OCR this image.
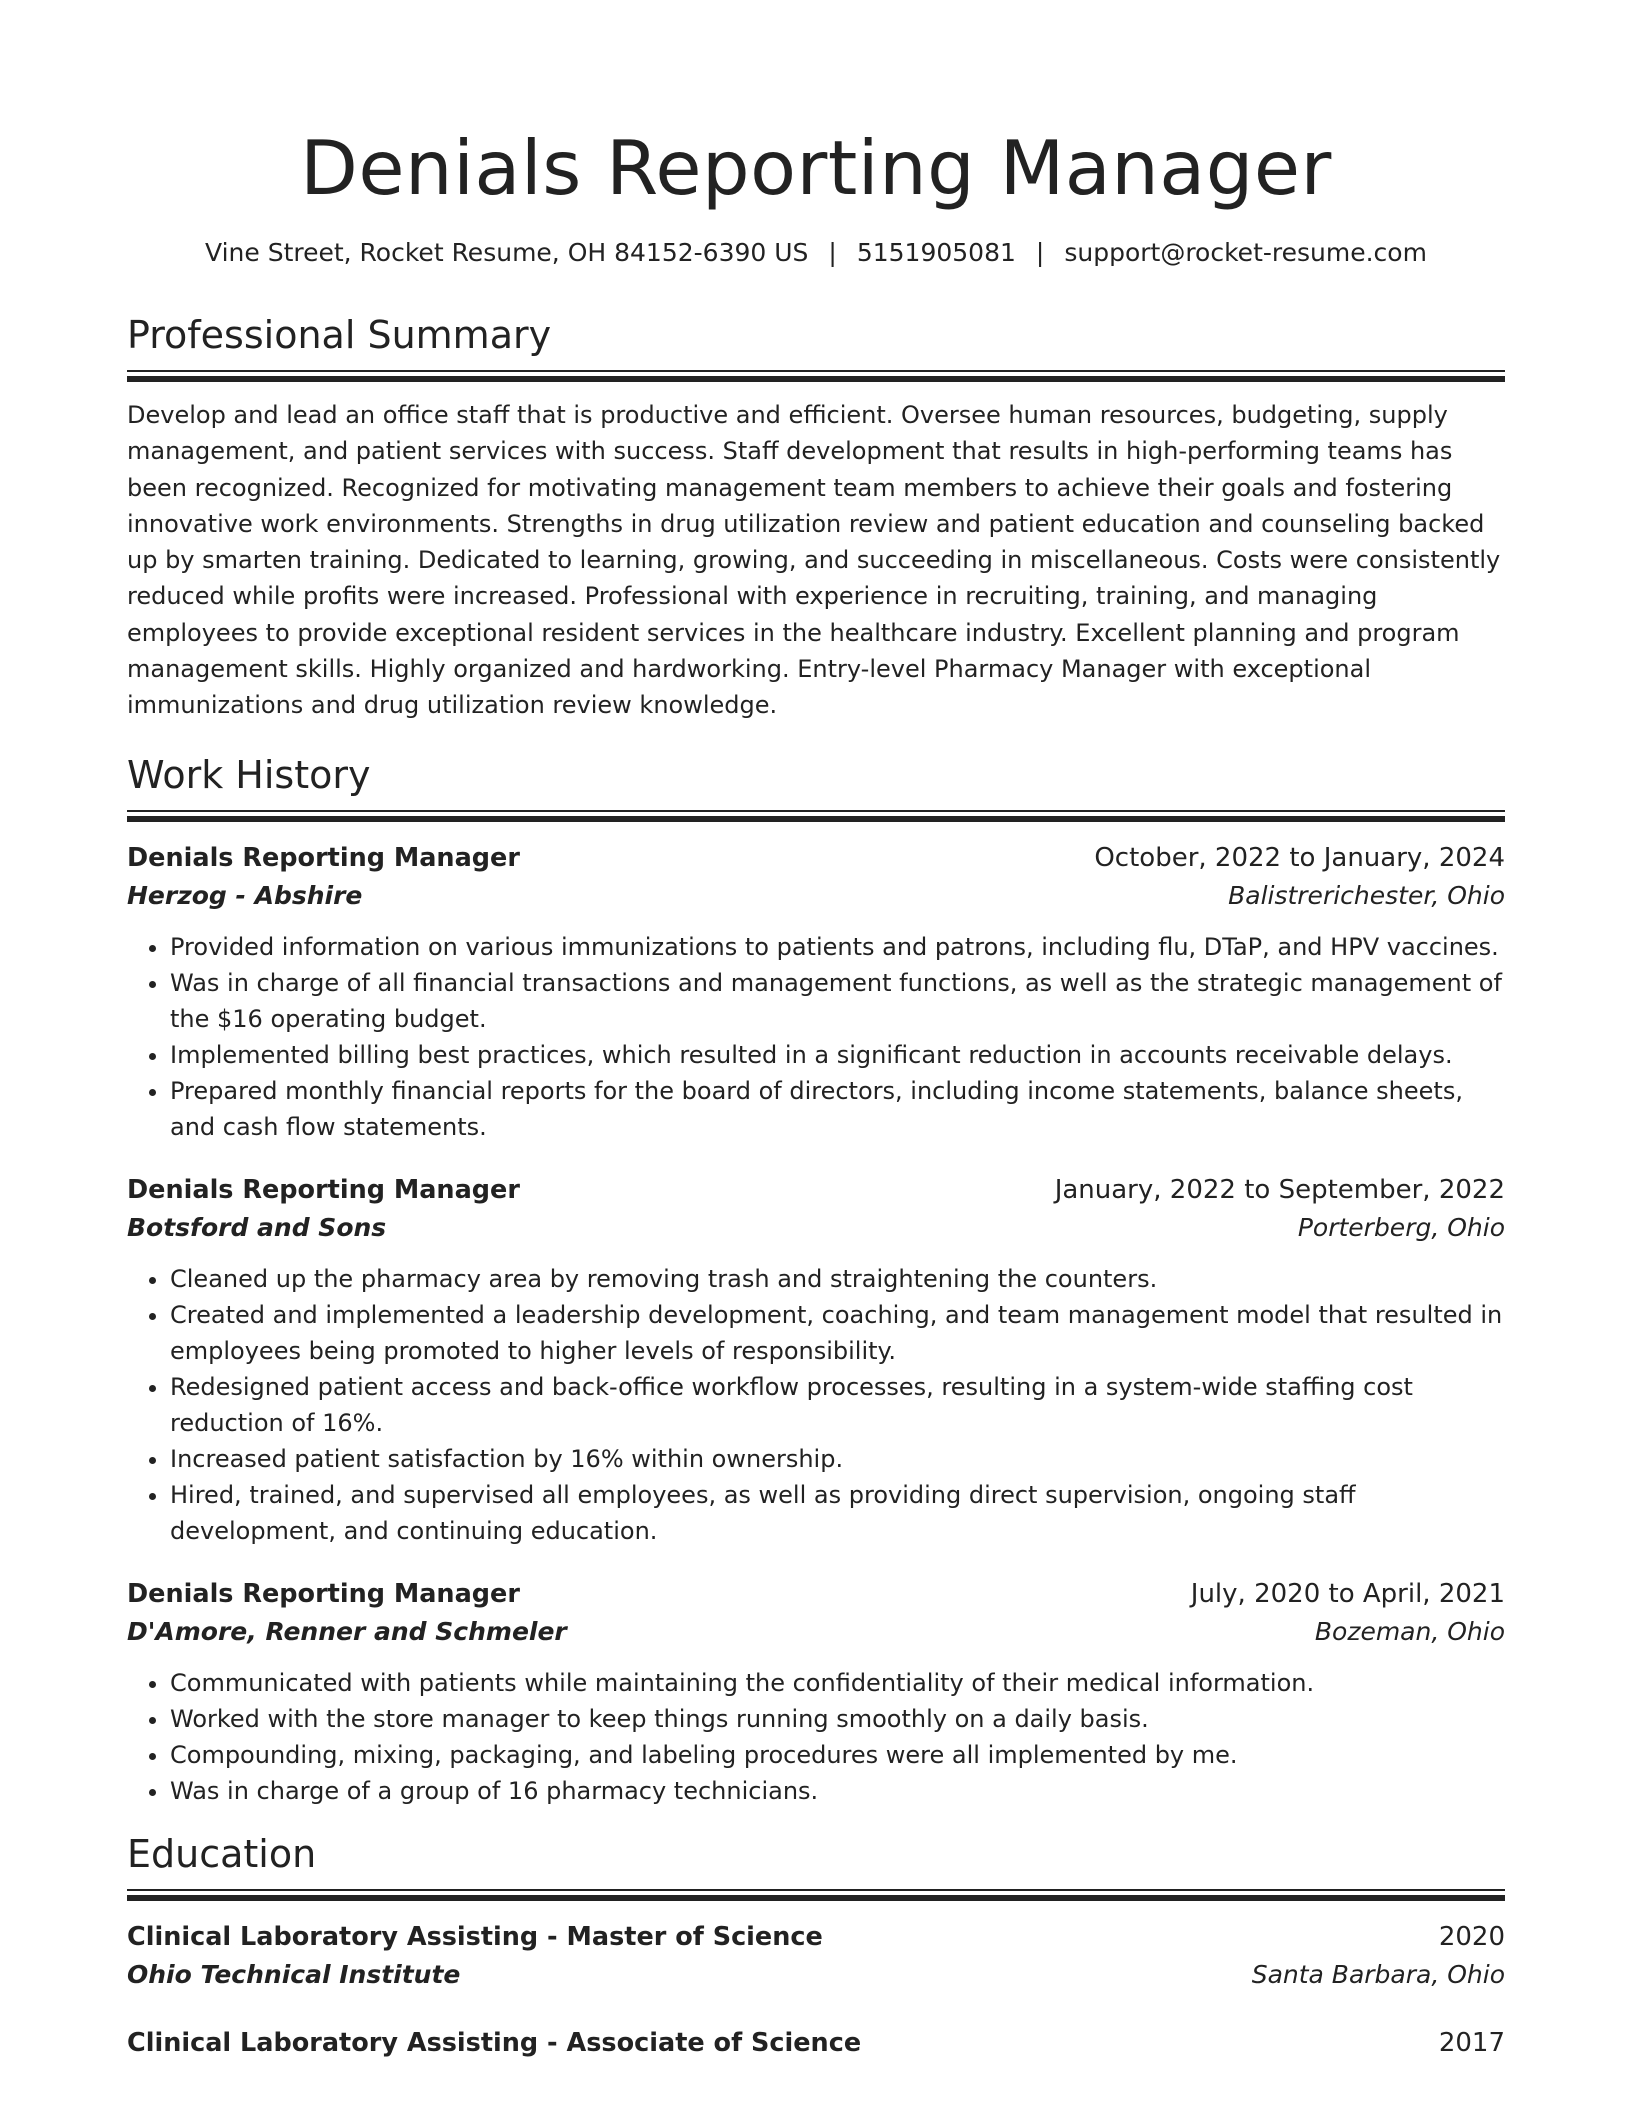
Denials Reporting Manager
Vine Street, Rocket Resume, OH 84152-6390 US | 5151905081 | support@rocket-resume.com
Professional Summary

Develop and lead an office staff that is productive and efficient. Oversee human resources, budgeting, supply management, and patient services with success. Staff development that results in high-performing teams has been recognized. Recognized for motivating management team members to achieve their goals and fostering innovative work environments. Strengths in drug utilization review and patient education and counseling backed up by smarten training. Dedicated to learning, growing, and succeeding in miscellaneous. Costs were consistently reduced while profits were increased. Professional with experience in recruiting, training, and managing employees to provide exceptional resident services in the healthcare industry. Excellent planning and program management skills. Highly organized and hardworking. Entry-level Pharmacy Manager with exceptional immunizations and drug utilization review knowledge.

Work History
Denials Reporting Manager	October, 2022 to January, 2024
Herzog - Abshire	Balistrerichester, Ohio
• Provided information on various immunizations to patients and patrons, including flu, DTaP, and HPV vaccines.
• Was in charge of all financial transactions and management functions, as well as the strategic management of the $16 operating budget.
• Implemented billing best practices, which resulted in a significant reduction in accounts receivable delays.
• Prepared monthly financial reports for the board of directors, including income statements, balance sheets, and cash flow statements.
Denials Reporting Manager	January, 2022 to September, 2022
Botsford and Sons	Porterberg, Ohio
• Cleaned up the pharmacy area by removing trash and straightening the counters.
• Created and implemented a leadership development, coaching, and team management model that resulted in employees being promoted to higher levels of responsibility.
• Redesigned patient access and back-office workflow processes, resulting in a system-wide staffing cost reduction of 16%.
• Increased patient satisfaction by 16% within ownership.
• Hired, trained, and supervised all employees, as well as providing direct supervision, ongoing staff development, and continuing education.
Denials Reporting Manager	July, 2020 to April, 2021
D'Amore, Renner and Schmeler	Bozeman, Ohio
• Communicated with patients while maintaining the confidentiality of their medical information.
• Worked with the store manager to keep things running smoothly on a daily basis.
• Compounding, mixing, packaging, and labeling procedures were all implemented by me.
• Was in charge of a group of 16 pharmacy technicians.
Education
Clinical Laboratory Assisting - Master of Science	2020
Ohio Technical Institute	Santa Barbara, Ohio
Clinical Laboratory Assisting - Associate of Science	2017
